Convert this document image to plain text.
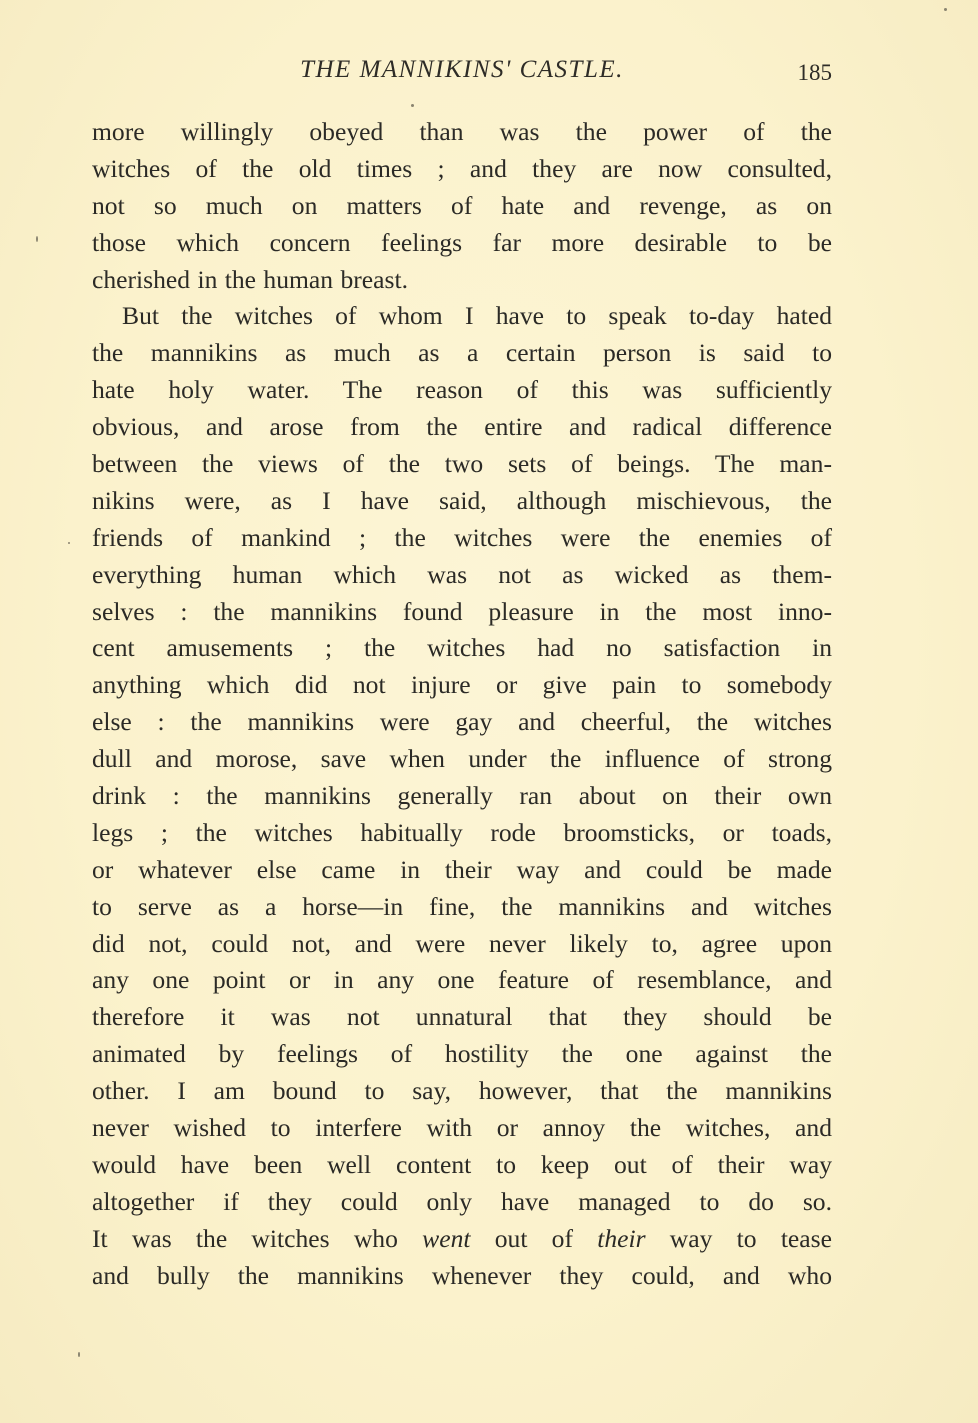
THE MANNIKINS' CASTLE.	185
more willingly obeyed than was the power of the
witches of the old times ; and they are now consulted,
not so much on matters of hate and revenge, as on
those which concern feelings far more desirable to be
cherished in the human breast.
But the witches of whom I have to speak to-day hated
the mannikins as much as a certain person is said to
hate holy water. The reason of this was sufficiently
obvious, and arose from the entire and radical difference
between the views of the two sets of beings. The man-
nikins were, as I have said, although mischievous, the
friends of mankind ; the witches were the enemies of
everything human which was not as wicked as them-
selves : the mannikins found pleasure in the most inno-
cent amusements ; the witches had no satisfaction in
anything which did not injure or give pain to somebody
else : the mannikins were gay and cheerful, the witches
dull and morose, save when under the influence of strong
drink : the mannikins generally ran about on their own
legs ; the witches habitually rode broomsticks, or toads,
or whatever else came in their way and could be made
to serve as a horse—in fine, the mannikins and witches
did not, could not, and were never likely to, agree upon
any one point or in any one feature of resemblance, and
therefore it was not unnatural that they should be
animated by feelings of hostility the one against the
other. I am bound to say, however, that the mannikins
never wished to interfere with or annoy the witches, and
would have been well content to keep out of their way
altogether if they could only have managed to do so.
It was the witches who went out of their way to tease
and bully the mannikins whenever they could, and who
